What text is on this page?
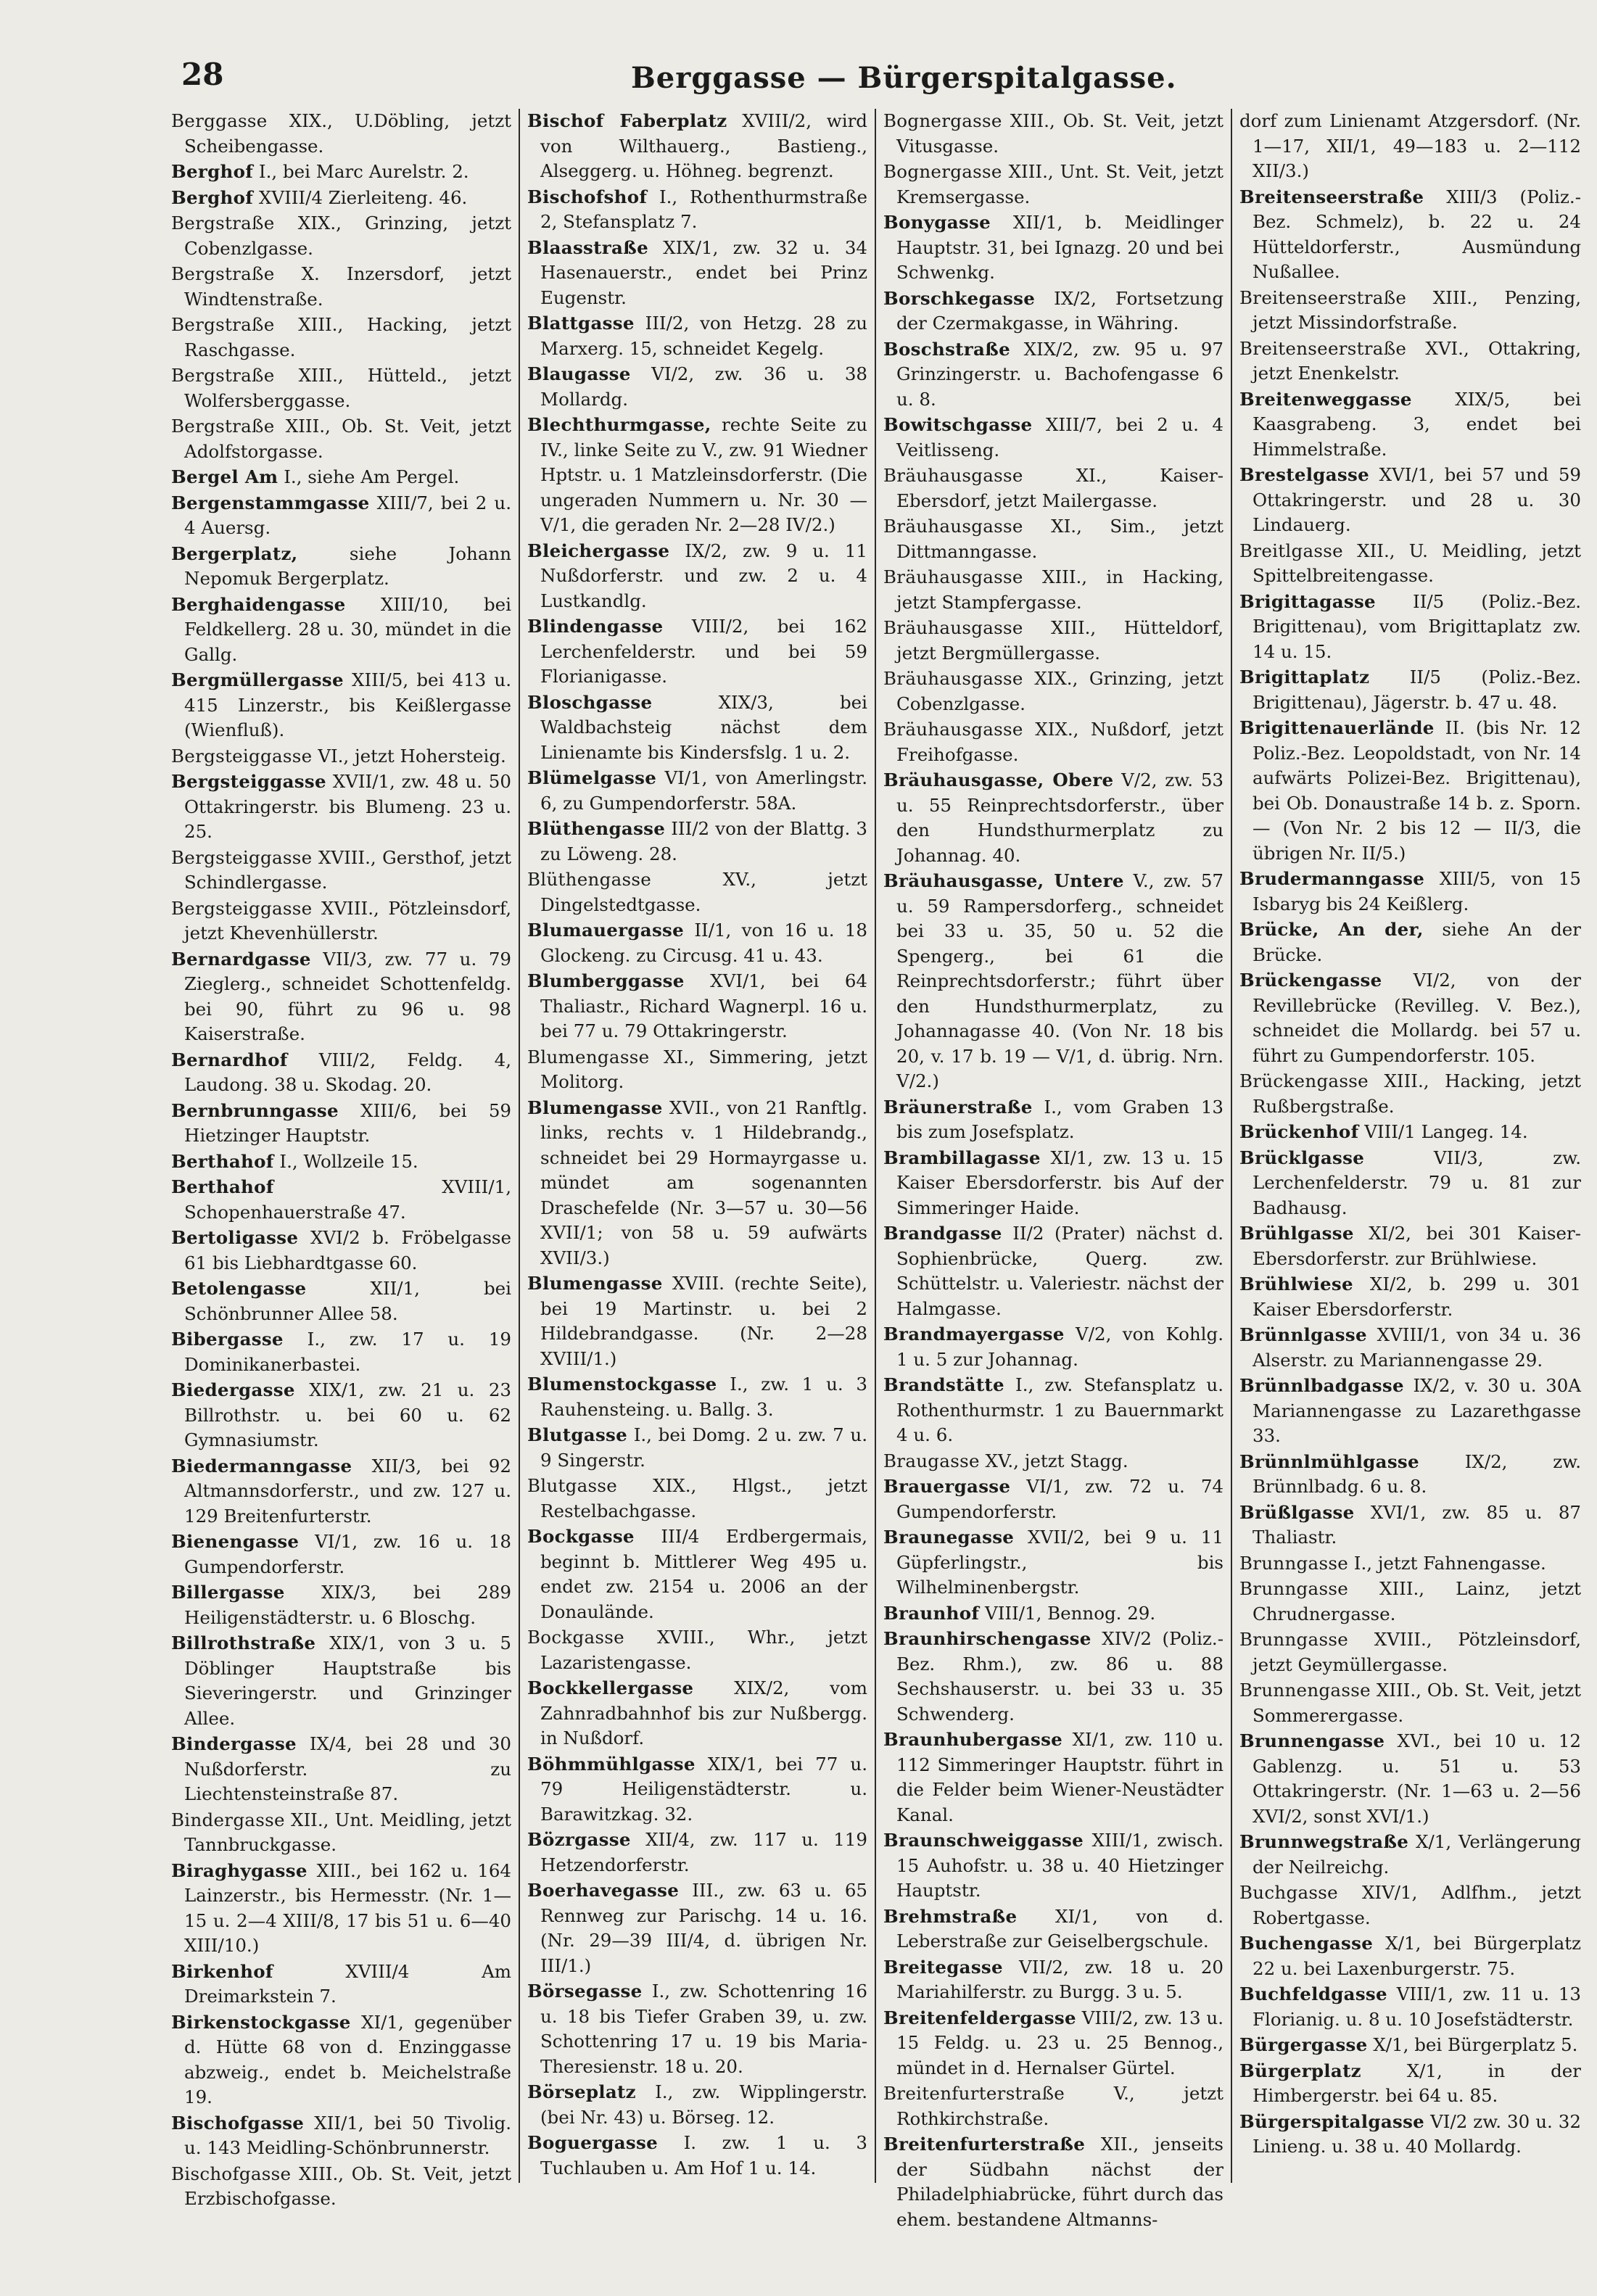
28	Berggasse — Bürgerspitalgasse.

Berggasse XIX., U.Döbling, jetzt Scheibengasse.

Berghof I., bei Marc Aurelstr. 2.

Berghof XVIII/4 Zierleiteng. 46.

Bergstraße XIX., Grinzing, jetzt Cobenzlgasse.

Bergstraße X. Inzersdorf, jetzt Windtenstraße.

Bergstraße XIII., Hacking, jetzt Raschgasse.

Bergstraße XIII., Hütteld., jetzt Wolfersberggasse.

Bergstraße XIII., Ob. St. Veit, jetzt Adolfstorgasse.

Bergel Am I., siehe Am Pergel.

Bergenstammgasse XIII/7, bei 2 u. 4 Auersg.

Bergerplatz, siehe Johann Nepomuk Bergerplatz.

Berghaidengasse XIII/10, bei Feldkellerg. 28 u. 30, mündet in die Gallg.

Bergmüllergasse XIII/5, bei 413 u. 415 Linzerstr., bis Keißlergasse (Wienfluß).

Bergsteiggasse VI., jetzt Hohersteig.

Bergsteiggasse XVII/1, zw. 48 u. 50 Ottakringerstr. bis Blumeng. 23 u. 25.

Bergsteiggasse XVIII., Gersthof, jetzt Schindlergasse.

Bergsteiggasse XVIII., Pötzleinsdorf, jetzt Khevenhüllerstr.

Bernardgasse VII/3, zw. 77 u. 79 Zieglerg., schneidet Schottenfeldg. bei 90, führt zu 96 u. 98 Kaiserstraße.

Bernardhof VIII/2, Feldg. 4, Laudong. 38 u. Skodag. 20.

Bernbrunngasse XIII/6, bei 59 Hietzinger Hauptstr.

Berthahof I., Wollzeile 15.

Berthahof XVIII/1, Schopenhauerstraße 47.

Bertoligasse XVI/2 b. Fröbelgasse 61 bis Liebhardtgasse 60.

Betolengasse XII/1, bei Schönbrunner Allee 58.

Bibergasse I., zw. 17 u. 19 Dominikanerbastei.

Biedergasse XIX/1, zw. 21 u. 23 Billrothstr. u. bei 60 u. 62 Gymnasiumstr.

Biedermanngasse XII/3, bei 92 Altmannsdorferstr., und zw. 127 u. 129 Breitenfurterstr.

Bienengasse VI/1, zw. 16 u. 18 Gumpendorferstr.

Billergasse XIX/3, bei 289 Heiligenstädterstr. u. 6 Bloschg.

Billrothstraße XIX/1, von 3 u. 5 Döblinger Hauptstraße bis Sieveringerstr. und Grinzinger Allee.

Bindergasse IX/4, bei 28 und 30 Nußdorferstr. zu Liechtensteinstraße 87.

Bindergasse XII., Unt. Meidling, jetzt Tannbruckgasse.

Biraghygasse XIII., bei 162 u. 164 Lainzerstr., bis Hermesstr. (Nr. 1—15 u. 2—4 XIII/8, 17 bis 51 u. 6—40 XIII/10.)

Birkenhof XVIII/4 Am Dreimarkstein 7.

Birkenstockgasse XI/1, gegenüber d. Hütte 68 von d. Enzinggasse abzweig., endet b. Meichelstraße 19.

Bischofgasse XII/1, bei 50 Tivolig. u. 143 Meidling-Schönbrunnerstr.

Bischofgasse XIII., Ob. St. Veit, jetzt Erzbischofgasse.

Bischof Faberplatz XVIII/2, wird von Wilthauerg., Bastieng., Alseggerg. u. Höhneg. begrenzt.

Bischofshof I., Rothenthurmstraße 2, Stefansplatz 7.

Blaasstraße XIX/1, zw. 32 u. 34 Hasenauerstr., endet bei Prinz Eugenstr.

Blattgasse III/2, von Hetzg. 28 zu Marxerg. 15, schneidet Kegelg.

Blaugasse VI/2, zw. 36 u. 38 Mollardg.

Blechthurmgasse, rechte Seite zu IV., linke Seite zu V., zw. 91 Wiedner Hptstr. u. 1 Matzleinsdorferstr. (Die ungeraden Nummern u. Nr. 30 — V/1, die geraden Nr. 2—28 IV/2.)

Bleichergasse IX/2, zw. 9 u. 11 Nußdorferstr. und zw. 2 u. 4 Lustkandlg.

Blindengasse VIII/2, bei 162 Lerchenfelderstr. und bei 59 Florianigasse.

Bloschgasse XIX/3, bei Waldbachsteig nächst dem Linienamte bis Kindersfslg. 1 u. 2.

Blümelgasse VI/1, von Amerlingstr. 6, zu Gumpendorferstr. 58A.

Blüthengasse III/2 von der Blattg. 3 zu Löweng. 28.

Blüthengasse XV., jetzt Dingelstedtgasse.

Blumauergasse II/1, von 16 u. 18 Glockeng. zu Circusg. 41 u. 43.

Blumberggasse XVI/1, bei 64 Thaliastr., Richard Wagnerpl. 16 u. bei 77 u. 79 Ottakringerstr.

Blumengasse XI., Simmering, jetzt Molitorg.

Blumengasse XVII., von 21 Ranftlg. links, rechts v. 1 Hildebrandg., schneidet bei 29 Hormayrgasse u. mündet am sogenannten Draschefelde (Nr. 3—57 u. 30—56 XVII/1; von 58 u. 59 aufwärts XVII/3.)

Blumengasse XVIII. (rechte Seite), bei 19 Martinstr. u. bei 2 Hildebrandgasse. (Nr. 2—28 XVIII/1.)

Blumenstockgasse I., zw. 1 u. 3 Rauhensteing. u. Ballg. 3.

Blutgasse I., bei Domg. 2 u. zw. 7 u. 9 Singerstr.

Blutgasse XIX., Hlgst., jetzt Restelbachgasse.

Bockgasse III/4 Erdbergermais, beginnt b. Mittlerer Weg 495 u. endet zw. 2154 u. 2006 an der Donaulände.

Bockgasse XVIII., Whr., jetzt Lazaristengasse.

Bockkellergasse XIX/2, vom Zahnradbahnhof bis zur Nußbergg. in Nußdorf.

Böhmmühlgasse XIX/1, bei 77 u. 79 Heiligenstädterstr. u. Barawitzkag. 32.

Bözrgasse XII/4, zw. 117 u. 119 Hetzendorferstr.

Boerhavegasse III., zw. 63 u. 65 Rennweg zur Parischg. 14 u. 16. (Nr. 29—39 III/4, d. übrigen Nr. III/1.)

Börsegasse I., zw. Schottenring 16 u. 18 bis Tiefer Graben 39, u. zw. Schottenring 17 u. 19 bis Maria-Theresienstr. 18 u. 20.

Börseplatz I., zw. Wipplingerstr. (bei Nr. 43) u. Börseg. 12.

Boguergasse I. zw. 1 u. 3 Tuchlauben u. Am Hof 1 u. 14.

Bognergasse XIII., Ob. St. Veit, jetzt Vitusgasse.

Bognergasse XIII., Unt. St. Veit, jetzt Kremsergasse.

Bonygasse XII/1, b. Meidlinger Hauptstr. 31, bei Ignazg. 20 und bei Schwenkg.

Borschkegasse IX/2, Fortsetzung der Czermakgasse, in Währing.

Boschstraße XIX/2, zw. 95 u. 97 Grinzingerstr. u. Bachofengasse 6 u. 8.

Bowitschgasse XIII/7, bei 2 u. 4 Veitlisseng.

Bräuhausgasse XI., Kaiser-Ebersdorf, jetzt Mailergasse.

Bräuhausgasse XI., Sim., jetzt Dittmanngasse.

Bräuhausgasse XIII., in Hacking, jetzt Stampfergasse.

Bräuhausgasse XIII., Hütteldorf, jetzt Bergmüllergasse.

Bräuhausgasse XIX., Grinzing, jetzt Cobenzlgasse.

Bräuhausgasse XIX., Nußdorf, jetzt Freihofgasse.

Bräuhausgasse, Obere V/2, zw. 53 u. 55 Reinprechtsdorferstr., über den Hundsthurmerplatz zu Johannag. 40.

Bräuhausgasse, Untere V., zw. 57 u. 59 Rampersdorferg., schneidet bei 33 u. 35, 50 u. 52 die Spengerg., bei 61 die Reinprechtsdorferstr.; führt über den Hundsthurmerplatz, zu Johannagasse 40. (Von Nr. 18 bis 20, v. 17 b. 19 — V/1, d. übrig. Nrn. V/2.)

Bräunerstraße I., vom Graben 13 bis zum Josefsplatz.

Brambillagasse XI/1, zw. 13 u. 15 Kaiser Ebersdorferstr. bis Auf der Simmeringer Haide.

Brandgasse II/2 (Prater) nächst d. Sophienbrücke, Querg. zw. Schüttelstr. u. Valeriestr. nächst der Halmgasse.

Brandmayergasse V/2, von Kohlg. 1 u. 5 zur Johannag.

Brandstätte I., zw. Stefansplatz u. Rothenthurmstr. 1 zu Bauernmarkt 4 u. 6.

Braugasse XV., jetzt Stagg.

Brauergasse VI/1, zw. 72 u. 74 Gumpendorferstr.

Braunegasse XVII/2, bei 9 u. 11 Güpferlingstr., bis Wilhelminenbergstr.

Braunhof VIII/1, Bennog. 29.

Braunhirschengasse XIV/2 (Poliz.-Bez. Rhm.), zw. 86 u. 88 Sechshauserstr. u. bei 33 u. 35 Schwenderg.

Braunhubergasse XI/1, zw. 110 u. 112 Simmeringer Hauptstr. führt in die Felder beim Wiener-Neustädter Kanal.

Braunschweiggasse XIII/1, zwisch. 15 Auhofstr. u. 38 u. 40 Hietzinger Hauptstr.

Brehmstraße XI/1, von d. Leberstraße zur Geiselbergschule.

Breitegasse VII/2, zw. 18 u. 20 Mariahilferstr. zu Burgg. 3 u. 5.

Breitenfeldergasse VIII/2, zw. 13 u. 15 Feldg. u. 23 u. 25 Bennog., mündet in d. Hernalser Gürtel.

Breitenfurterstraße V., jetzt Rothkirchstraße.

Breitenfurterstraße XII., jenseits der Südbahn nächst der Philadelphiabrücke, führt durch das ehem. bestandene Altmanns-

dorf zum Linienamt Atzgersdorf. (Nr. 1—17, XII/1, 49—183 u. 2—112 XII/3.)

Breitenseerstraße XIII/3 (Poliz.-Bez. Schmelz), b. 22 u. 24 Hütteldorferstr., Ausmündung Nußallee.

Breitenseerstraße XIII., Penzing, jetzt Missindorfstraße.

Breitenseerstraße XVI., Ottakring, jetzt Enenkelstr.

Breitenweggasse XIX/5, bei Kaasgrabeng. 3, endet bei Himmelstraße.

Brestelgasse XVI/1, bei 57 und 59 Ottakringerstr. und 28 u. 30 Lindauerg.

Breitlgasse XII., U. Meidling, jetzt Spittelbreitengasse.

Brigittagasse II/5 (Poliz.-Bez. Brigittenau), vom Brigittaplatz zw. 14 u. 15.

Brigittaplatz II/5 (Poliz.-Bez. Brigittenau), Jägerstr. b. 47 u. 48.

Brigittenauerlände II. (bis Nr. 12 Poliz.-Bez. Leopoldstadt, von Nr. 14 aufwärts Polizei-Bez. Brigittenau), bei Ob. Donaustraße 14 b. z. Sporn. — (Von Nr. 2 bis 12 — II/3, die übrigen Nr. II/5.)

Brudermanngasse XIII/5, von 15 Isbaryg bis 24 Keißlerg.

Brücke, An der, siehe An der Brücke.

Brückengasse VI/2, von der Revillebrücke (Revilleg. V. Bez.), schneidet die Mollardg. bei 57 u. führt zu Gumpendorferstr. 105.

Brückengasse XIII., Hacking, jetzt Rußbergstraße.

Brückenhof VIII/1 Langeg. 14.

Brücklgasse VII/3, zw. Lerchenfelderstr. 79 u. 81 zur Badhausg.

Brühlgasse XI/2, bei 301 Kaiser-Ebersdorferstr. zur Brühlwiese.

Brühlwiese XI/2, b. 299 u. 301 Kaiser Ebersdorferstr.

Brünnlgasse XVIII/1, von 34 u. 36 Alserstr. zu Mariannengasse 29.

Brünnlbadgasse IX/2, v. 30 u. 30A Mariannengasse zu Lazarethgasse 33.

Brünnlmühlgasse IX/2, zw. Brünnlbadg. 6 u. 8.

Brüßlgasse XVI/1, zw. 85 u. 87 Thaliastr.

Brunngasse I., jetzt Fahnengasse.

Brunngasse XIII., Lainz, jetzt Chrudnergasse.

Brunngasse XVIII., Pötzleinsdorf, jetzt Geymüllergasse.

Brunnengasse XIII., Ob. St. Veit, jetzt Sommerergasse.

Brunnengasse XVI., bei 10 u. 12 Gablenzg. u. 51 u. 53 Ottakringerstr. (Nr. 1—63 u. 2—56 XVI/2, sonst XVI/1.)

Brunnwegstraße X/1, Verlängerung der Neilreichg.

Buchgasse XIV/1, Adlfhm., jetzt Robertgasse.

Buchengasse X/1, bei Bürgerplatz 22 u. bei Laxenburgerstr. 75.

Buchfeldgasse VIII/1, zw. 11 u. 13 Florianig. u. 8 u. 10 Josefstädterstr.

Bürgergasse X/1, bei Bürgerplatz 5.

Bürgerplatz X/1, in der Himbergerstr. bei 64 u. 85.

Bürgerspitalgasse VI/2 zw. 30 u. 32 Linieng. u. 38 u. 40 Mollardg.
